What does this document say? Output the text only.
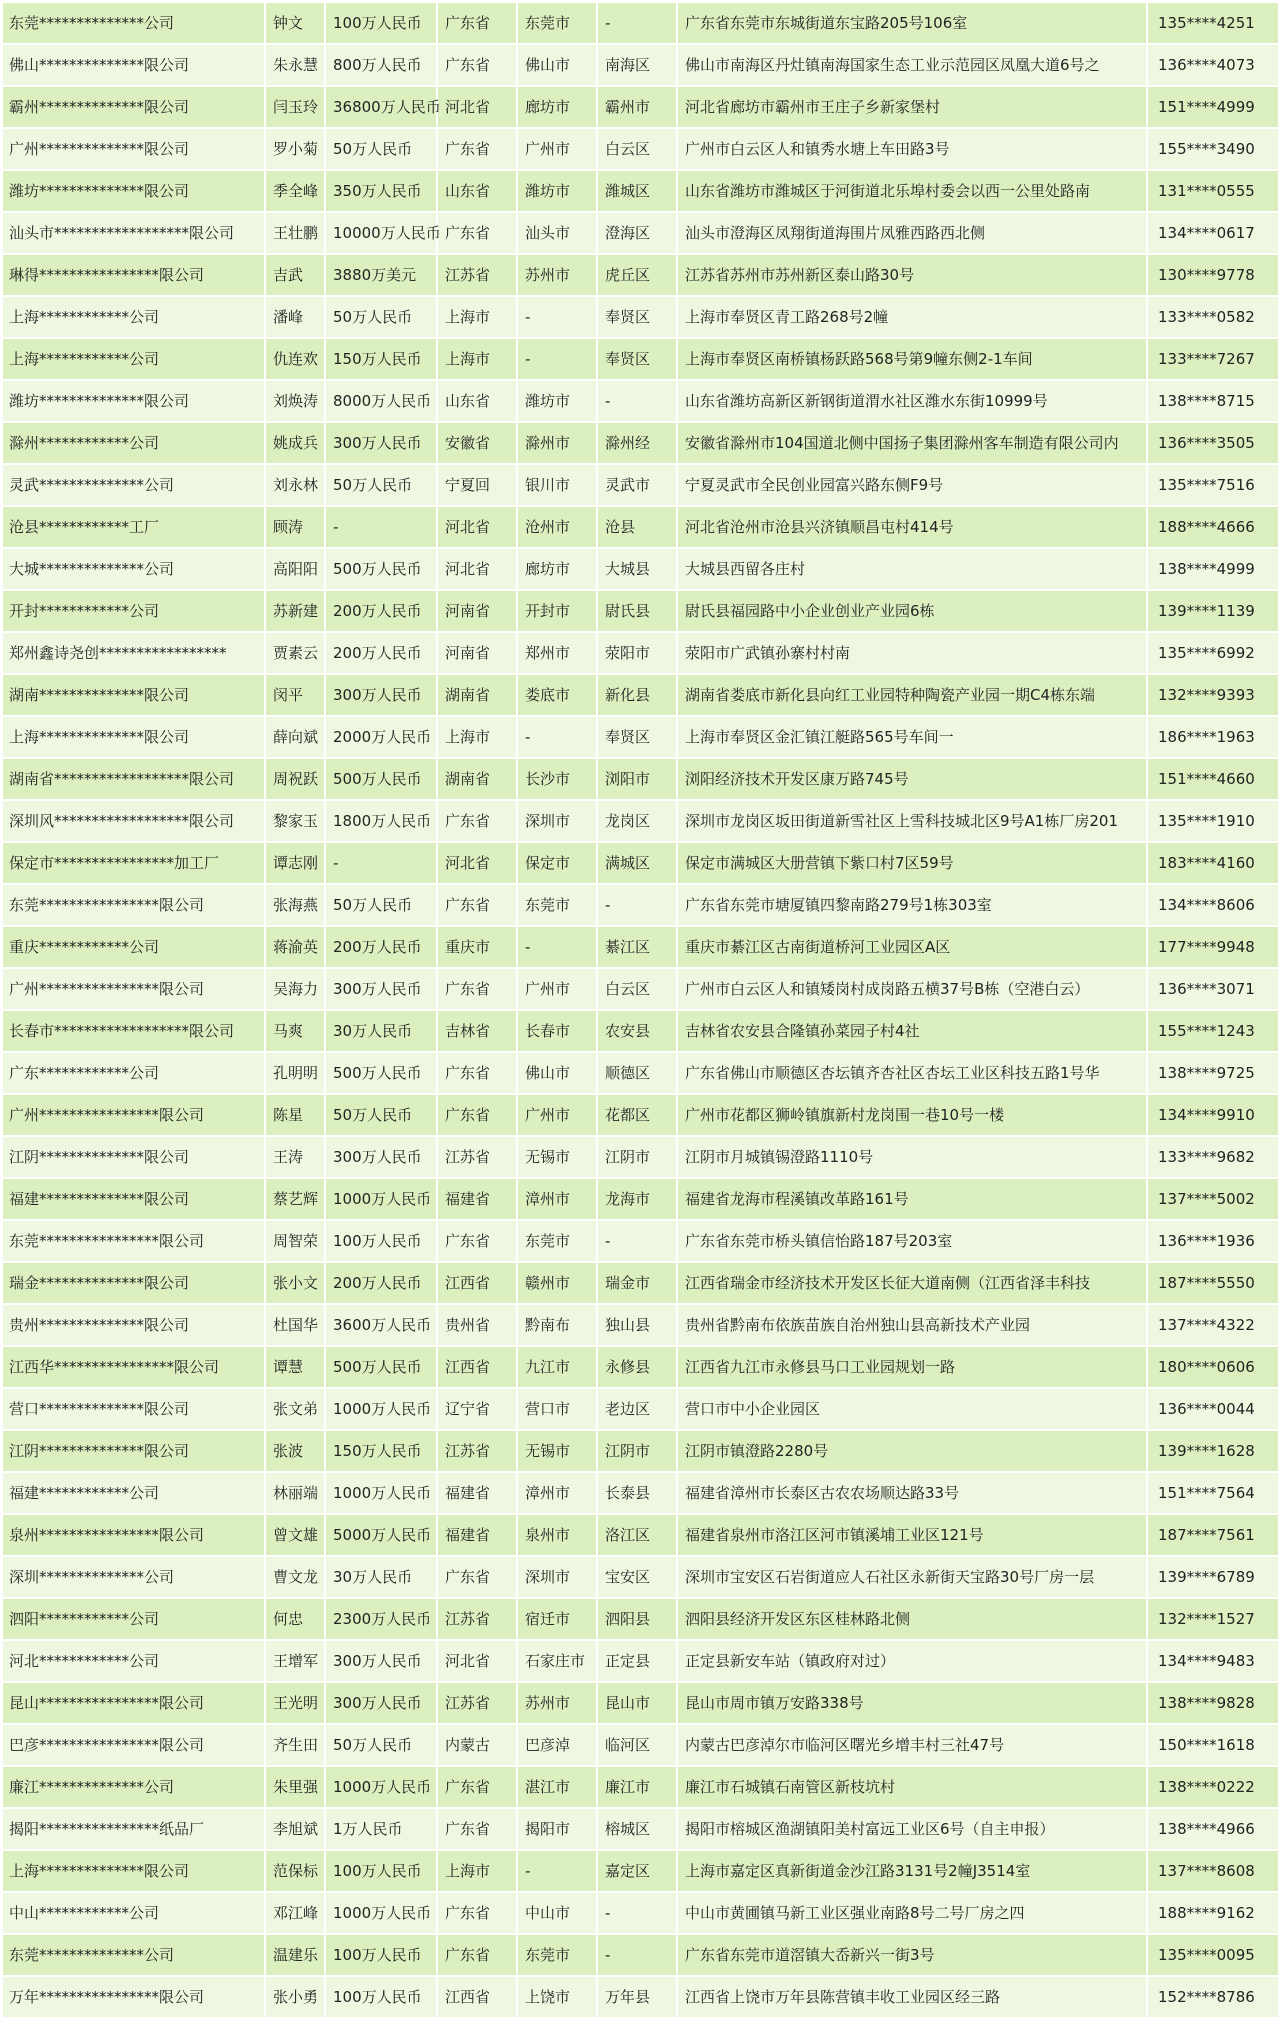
东莞**************公司	钟文	100万人民币	广东省	东莞市	-	广东省东莞市东城街道东宝路205号106室	135****4251
佛山**************限公司	朱永慧	800万人民币	广东省	佛山市	南海区	佛山市南海区丹灶镇南海国家生态工业示范园区凤凰大道6号之	136****4073
霸州**************限公司	闫玉玲	36800万人民币	河北省	廊坊市	霸州市	河北省廊坊市霸州市王庄子乡新家堡村	151****4999
广州**************限公司	罗小菊	50万人民币	广东省	广州市	白云区	广州市白云区人和镇秀水塘上车田路3号	155****3490
潍坊**************限公司	季全峰	350万人民币	山东省	潍坊市	潍城区	山东省潍坊市潍城区于河街道北乐埠村委会以西一公里处路南	131****0555
汕头市******************限公司	王壮鹏	10000万人民币	广东省	汕头市	澄海区	汕头市澄海区凤翔街道海围片凤雅西路西北侧	134****0617
琳得****************限公司	吉武	3880万美元	江苏省	苏州市	虎丘区	江苏省苏州市苏州新区泰山路30号	130****9778
上海************公司	潘峰	50万人民币	上海市	-	奉贤区	上海市奉贤区青工路268号2幢	133****0582
上海************公司	仇连欢	150万人民币	上海市	-	奉贤区	上海市奉贤区南桥镇杨跃路568号第9幢东侧2-1车间	133****7267
潍坊**************限公司	刘焕涛	8000万人民币	山东省	潍坊市	-	山东省潍坊高新区新钢街道渭水社区潍水东街10999号	138****8715
滁州************公司	姚成兵	300万人民币	安徽省	滁州市	滁州经	安徽省滁州市104国道北侧中国扬子集团滁州客车制造有限公司内	136****3505
灵武**************公司	刘永林	50万人民币	宁夏回	银川市	灵武市	宁夏灵武市全民创业园富兴路东侧F9号	135****7516
沧县************工厂	顾涛	-	河北省	沧州市	沧县	河北省沧州市沧县兴济镇顺昌屯村414号	188****4666
大城**************公司	高阳阳	500万人民币	河北省	廊坊市	大城县	大城县西留各庄村	138****4999
开封************公司	苏新建	200万人民币	河南省	开封市	尉氏县	尉氏县福园路中小企业创业产业园6栋	139****1139
郑州鑫诗尧创*****************	贾素云	200万人民币	河南省	郑州市	荥阳市	荥阳市广武镇孙寨村村南	135****6992
湖南**************限公司	闵平	300万人民币	湖南省	娄底市	新化县	湖南省娄底市新化县向红工业园特种陶瓷产业园一期C4栋东端	132****9393
上海**************限公司	薛向斌	2000万人民币	上海市	-	奉贤区	上海市奉贤区金汇镇江艇路565号车间一	186****1963
湖南省******************限公司	周祝跃	500万人民币	湖南省	长沙市	浏阳市	浏阳经济技术开发区康万路745号	151****4660
深圳风******************限公司	黎家玉	1800万人民币	广东省	深圳市	龙岗区	深圳市龙岗区坂田街道新雪社区上雪科技城北区9号A1栋厂房201	135****1910
保定市****************加工厂	谭志刚	-	河北省	保定市	满城区	保定市满城区大册营镇下紫口村7区59号	183****4160
东莞****************限公司	张海燕	50万人民币	广东省	东莞市	-	广东省东莞市塘厦镇四黎南路279号1栋303室	134****8606
重庆************公司	蒋渝英	200万人民币	重庆市	-	綦江区	重庆市綦江区古南街道桥河工业园区A区	177****9948
广州****************限公司	吴海力	300万人民币	广东省	广州市	白云区	广州市白云区人和镇矮岗村成岗路五横37号B栋（空港白云）	136****3071
长春市******************限公司	马爽	30万人民币	吉林省	长春市	农安县	吉林省农安县合隆镇孙菜园子村4社	155****1243
广东************公司	孔明明	500万人民币	广东省	佛山市	顺德区	广东省佛山市顺德区杏坛镇齐杏社区杏坛工业区科技五路1号华	138****9725
广州****************限公司	陈星	50万人民币	广东省	广州市	花都区	广州市花都区狮岭镇旗新村龙岗围一巷10号一楼	134****9910
江阴**************限公司	王涛	300万人民币	江苏省	无锡市	江阴市	江阴市月城镇锡澄路1110号	133****9682
福建**************限公司	蔡艺辉	1000万人民币	福建省	漳州市	龙海市	福建省龙海市程溪镇改革路161号	137****5002
东莞****************限公司	周智荣	100万人民币	广东省	东莞市	-	广东省东莞市桥头镇信怡路187号203室	136****1936
瑞金**************限公司	张小文	200万人民币	江西省	赣州市	瑞金市	江西省瑞金市经济技术开发区长征大道南侧（江西省泽丰科技	187****5550
贵州**************限公司	杜国华	3600万人民币	贵州省	黔南布	独山县	贵州省黔南布依族苗族自治州独山县高新技术产业园	137****4322
江西华****************限公司	谭慧	500万人民币	江西省	九江市	永修县	江西省九江市永修县马口工业园规划一路	180****0606
营口**************限公司	张文弟	1000万人民币	辽宁省	营口市	老边区	营口市中小企业园区	136****0044
江阴**************限公司	张波	150万人民币	江苏省	无锡市	江阴市	江阴市镇澄路2280号	139****1628
福建************公司	林丽端	1000万人民币	福建省	漳州市	长泰县	福建省漳州市长泰区古农农场顺达路33号	151****7564
泉州****************限公司	曾文雄	5000万人民币	福建省	泉州市	洛江区	福建省泉州市洛江区河市镇溪埔工业区121号	187****7561
深圳**************公司	曹文龙	30万人民币	广东省	深圳市	宝安区	深圳市宝安区石岩街道应人石社区永新街天宝路30号厂房一层	139****6789
泗阳************公司	何忠	2300万人民币	江苏省	宿迁市	泗阳县	泗阳县经济开发区东区桂林路北侧	132****1527
河北************公司	王增军	300万人民币	河北省	石家庄市	正定县	正定县新安车站（镇政府对过）	134****9483
昆山****************限公司	王光明	300万人民币	江苏省	苏州市	昆山市	昆山市周市镇万安路338号	138****9828
巴彦****************限公司	齐生田	50万人民币	内蒙古	巴彦淖	临河区	内蒙古巴彦淖尔市临河区曙光乡增丰村三社47号	150****1618
廉江**************公司	朱里强	1000万人民币	广东省	湛江市	廉江市	廉江市石城镇石南管区新枝坑村	138****0222
揭阳****************纸品厂	李旭斌	1万人民币	广东省	揭阳市	榕城区	揭阳市榕城区渔湖镇阳美村富远工业区6号（自主申报）	138****4966
上海**************限公司	范保标	100万人民币	上海市	-	嘉定区	上海市嘉定区真新街道金沙江路3131号2幢J3514室	137****8608
中山************公司	邓江峰	1000万人民币	广东省	中山市	-	中山市黄圃镇马新工业区强业南路8号二号厂房之四	188****9162
东莞**************公司	温建乐	100万人民币	广东省	东莞市	-	广东省东莞市道滘镇大岙新兴一街3号	135****0095
万年****************限公司	张小勇	100万人民币	江西省	上饶市	万年县	江西省上饶市万年县陈营镇丰收工业园区经三路	152****8786
